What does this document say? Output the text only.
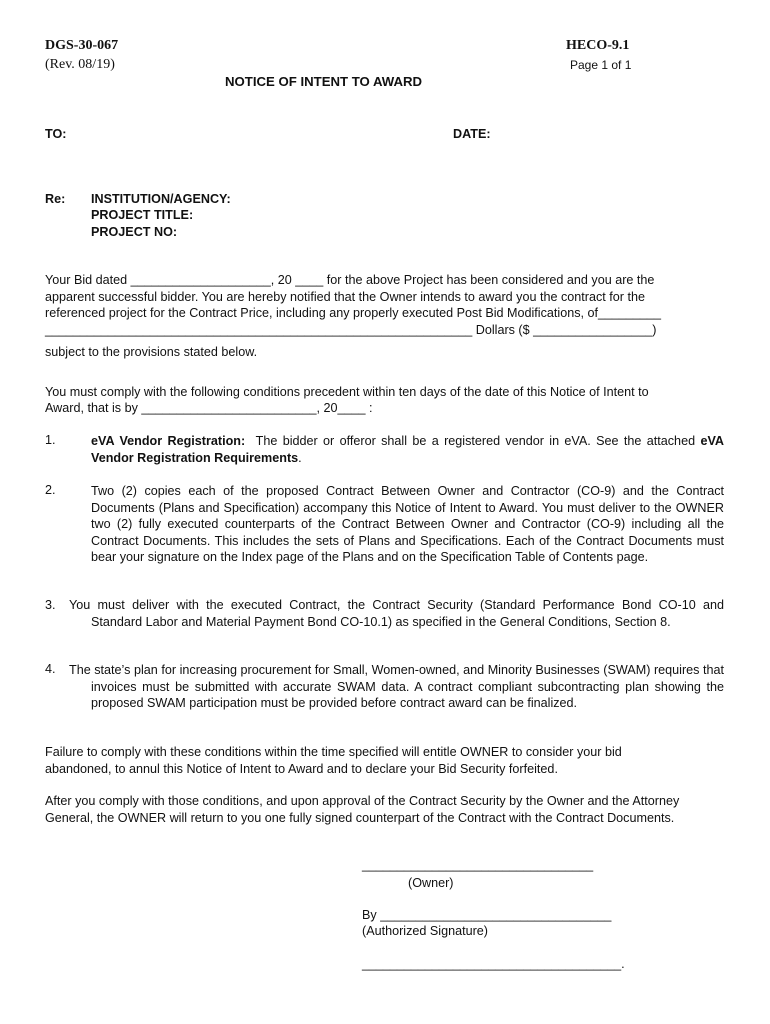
DGS-30-067
(Rev. 08/19)
HECO-9.1
Page 1 of 1
NOTICE OF INTENT TO AWARD
TO:	DATE:
Re: INSTITUTION/AGENCY:
PROJECT TITLE:
PROJECT NO:
Your Bid dated ____________________, 20 ____ for the above Project has been considered and you are the
apparent successful bidder. You are hereby notified that the Owner intends to award you the contract for the
referenced project for the Contract Price, including any properly executed Post Bid Modifications, of_________
_____________________________________________________________ Dollars ($ _________________)
subject to the provisions stated below.
You must comply with the following conditions precedent within ten days of the date of this Notice of Intent to
Award, that is by _________________________, 20____ :
1.	eVA Vendor Registration: The bidder or offeror shall be a registered vendor in eVA. See the attached eVA Vendor Registration Requirements.
2.	Two (2) copies each of the proposed Contract Between Owner and Contractor (CO-9) and the Contract Documents (Plans and Specification) accompany this Notice of Intent to Award. You must deliver to the OWNER two (2) fully executed counterparts of the Contract Between Owner and Contractor (CO-9) including all the Contract Documents. This includes the sets of Plans and Specifications. Each of the Contract Documents must bear your signature on the Index page of the Plans and on the Specification Table of Contents page.
3.	You must deliver with the executed Contract, the Contract Security (Standard Performance Bond CO-10 and Standard Labor and Material Payment Bond CO-10.1) as specified in the General Conditions, Section 8.
4. The state’s plan for increasing procurement for Small, Women-owned, and Minority Businesses (SWAM) requires that invoices must be submitted with accurate SWAM data. A contract compliant subcontracting plan showing the proposed SWAM participation must be provided before contract award can be finalized.
Failure to comply with these conditions within the time specified will entitle OWNER to consider your bid abandoned, to annul this Notice of Intent to Award and to declare your Bid Security forfeited.
After you comply with those conditions, and upon approval of the Contract Security by the Owner and the Attorney General, the OWNER will return to you one fully signed counterpart of the Contract with the Contract Documents.
_________________________________
(Owner)
By _________________________________
(Authorized Signature)
_____________________________________.
